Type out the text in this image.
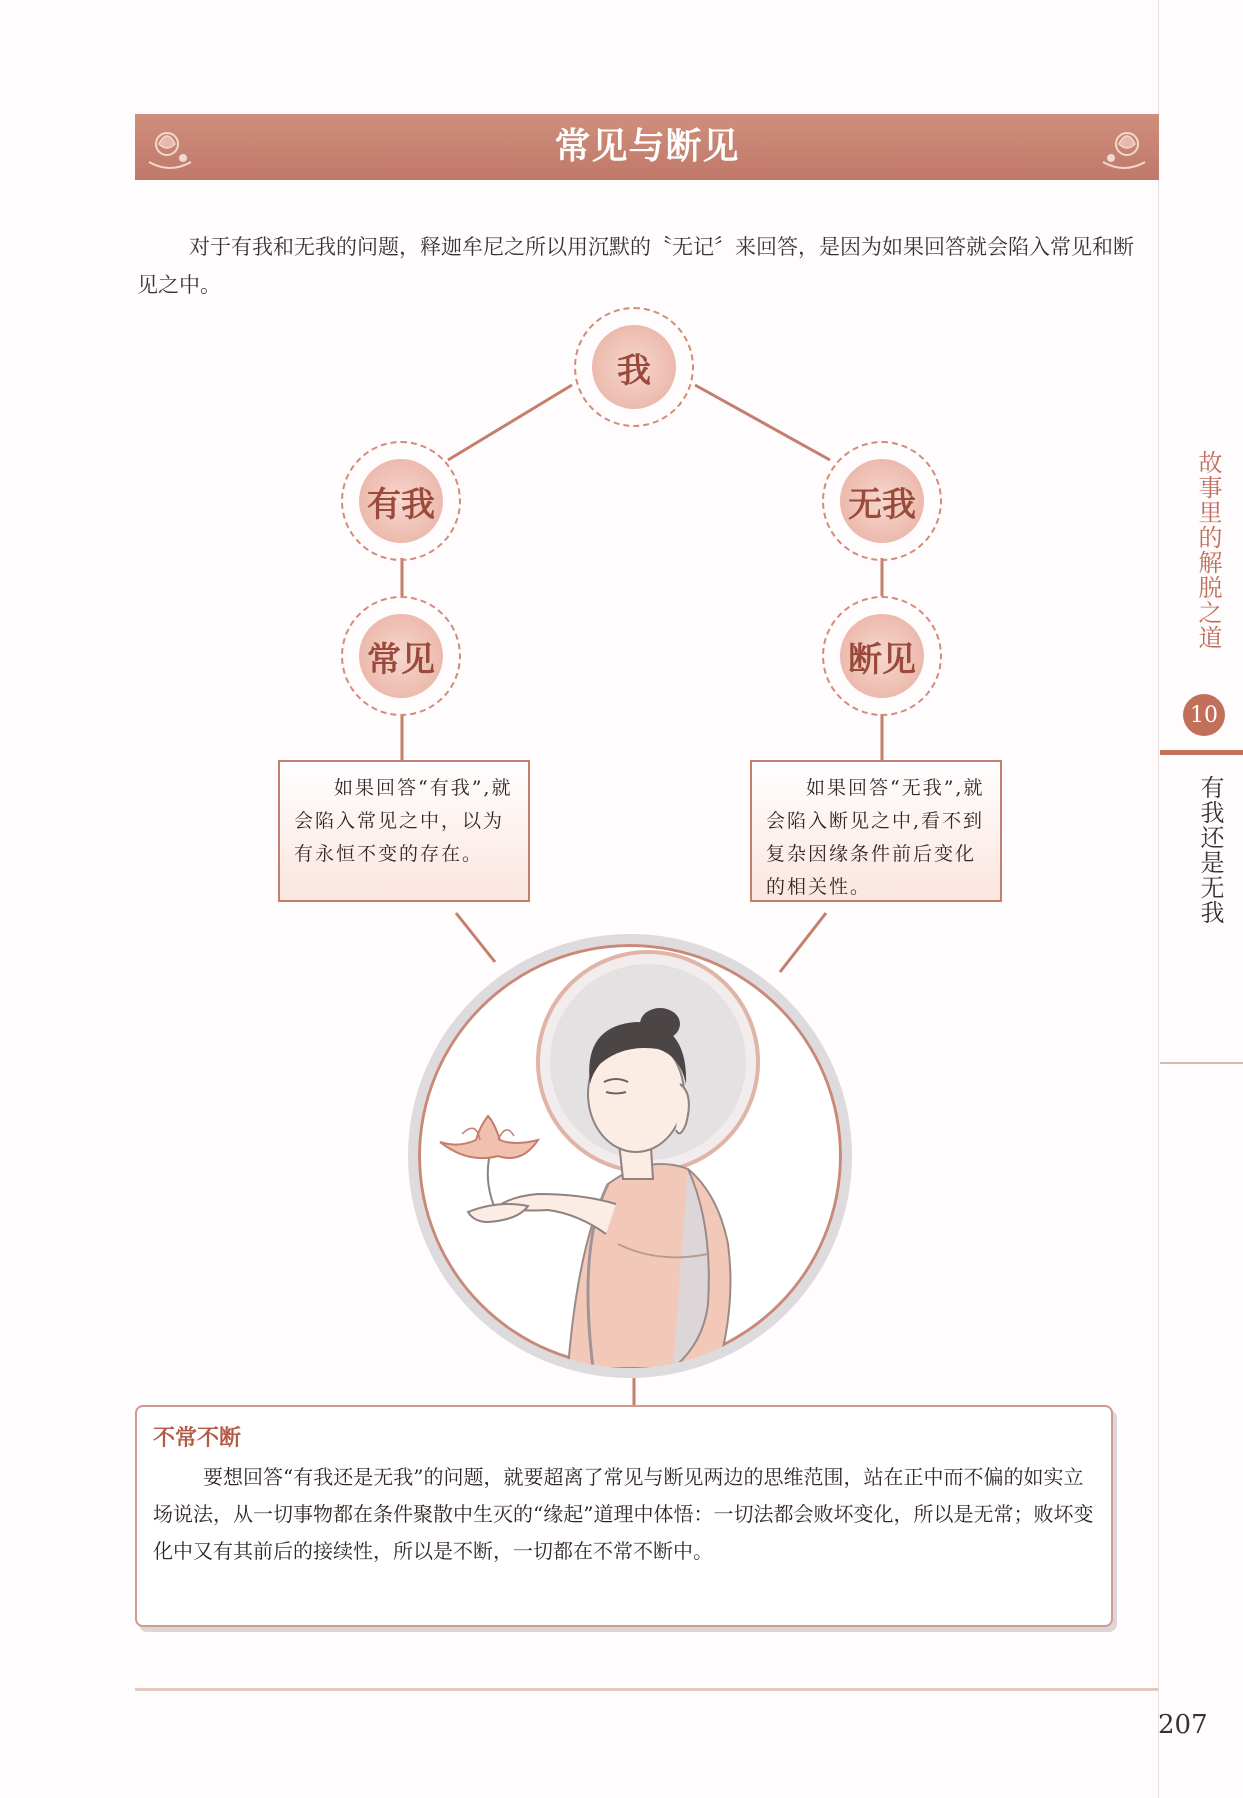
常见与断见

对于有我和无我的问题，释迦牟尼之所以用沉默的〝无记〞来回答，是因为如果回答就会陷入常见和断见之中。

我
有我	无我
常见	断见
如果回答“有我”,就会陷入常见之中，以为有永恒不变的存在。
如果回答“无我”,就会陷入断见之中,看不到复杂因缘条件前后变化的相关性。
不常不断

要想回答“有我还是无我”的问题，就要超离了常见与断见两边的思维范围，站在正中而不偏的如实立场说法，从一切事物都在条件聚散中生灭的“缘起”道理中体悟：一切法都会败坏变化，所以是无常；败坏变化中又有其前后的接续性，所以是不断，一切都在不常不断中。

207
故事里的解脱之道
10
有我还是无我
